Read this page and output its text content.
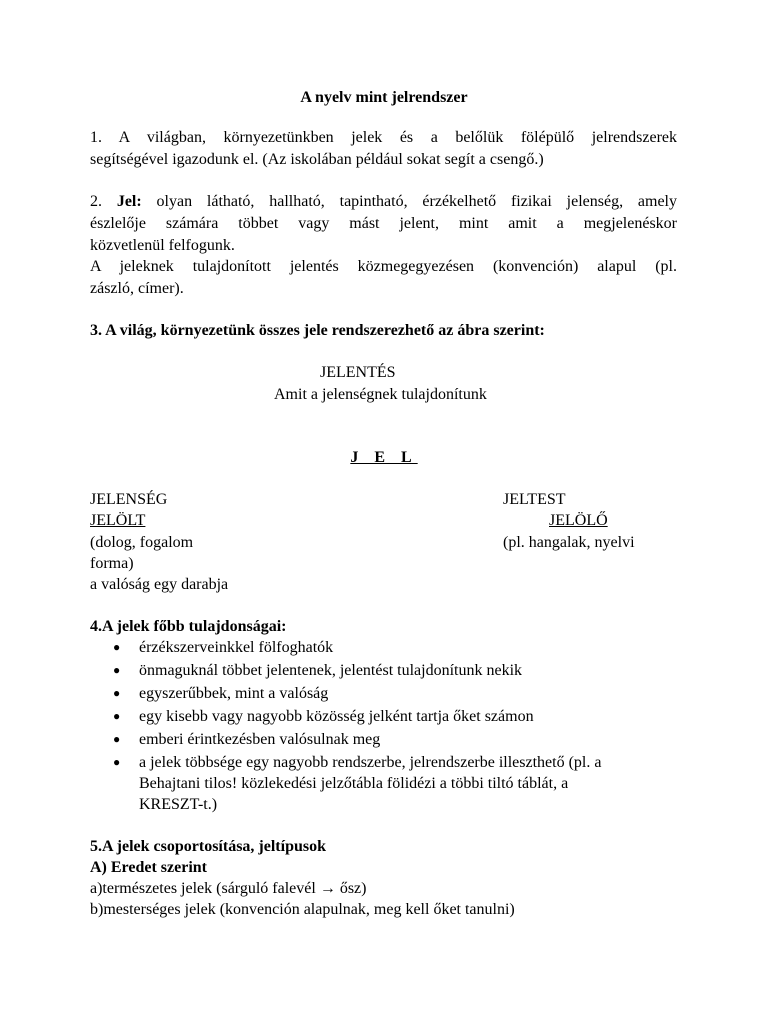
A nyelv mint jelrendszer
1. A világban, környezetünkben jelek és a belőlük fölépülő jelrendszerek
segítségével igazodunk el. (Az iskolában például sokat segít a csengő.)
2. Jel: olyan látható, hallható, tapintható, érzékelhető fizikai jelenség, amely
észlelője számára többet vagy mást jelent, mint amit a megjelenéskor
közvetlenül felfogunk.
A jeleknek tulajdonított jelentés közmegegyezésen (konvención) alapul (pl.
zászló, címer).
3. A világ, környezetünk összes jele rendszerezhető az ábra szerint:
JELENTÉS
Amit a jelenségnek tulajdonítunk
J E L
JELENSÉG
JELÖLT
(dolog, fogalom
forma)
a valóság egy darabja
JELTEST
JELÖLŐ
(pl. hangalak, nyelvi
4.A jelek főbb tulajdonságai:
● érzékszerveinkkel fölfoghatók
● önmaguknál többet jelentenek, jelentést tulajdonítunk nekik
● egyszerűbbek, mint a valóság
● egy kisebb vagy nagyobb közösség jelként tartja őket számon
● emberi érintkezésben valósulnak meg
● a jelek többsége egy nagyobb rendszerbe, jelrendszerbe illeszthető (pl. a
Behajtani tilos! közlekedési jelzőtábla fölidézi a többi tiltó táblát, a
KRESZT-t.)
5.A jelek csoportosítása, jeltípusok
A) Eredet szerint
a)természetes jelek (sárguló falevél → ősz)
b)mesterséges jelek (konvención alapulnak, meg kell őket tanulni)
